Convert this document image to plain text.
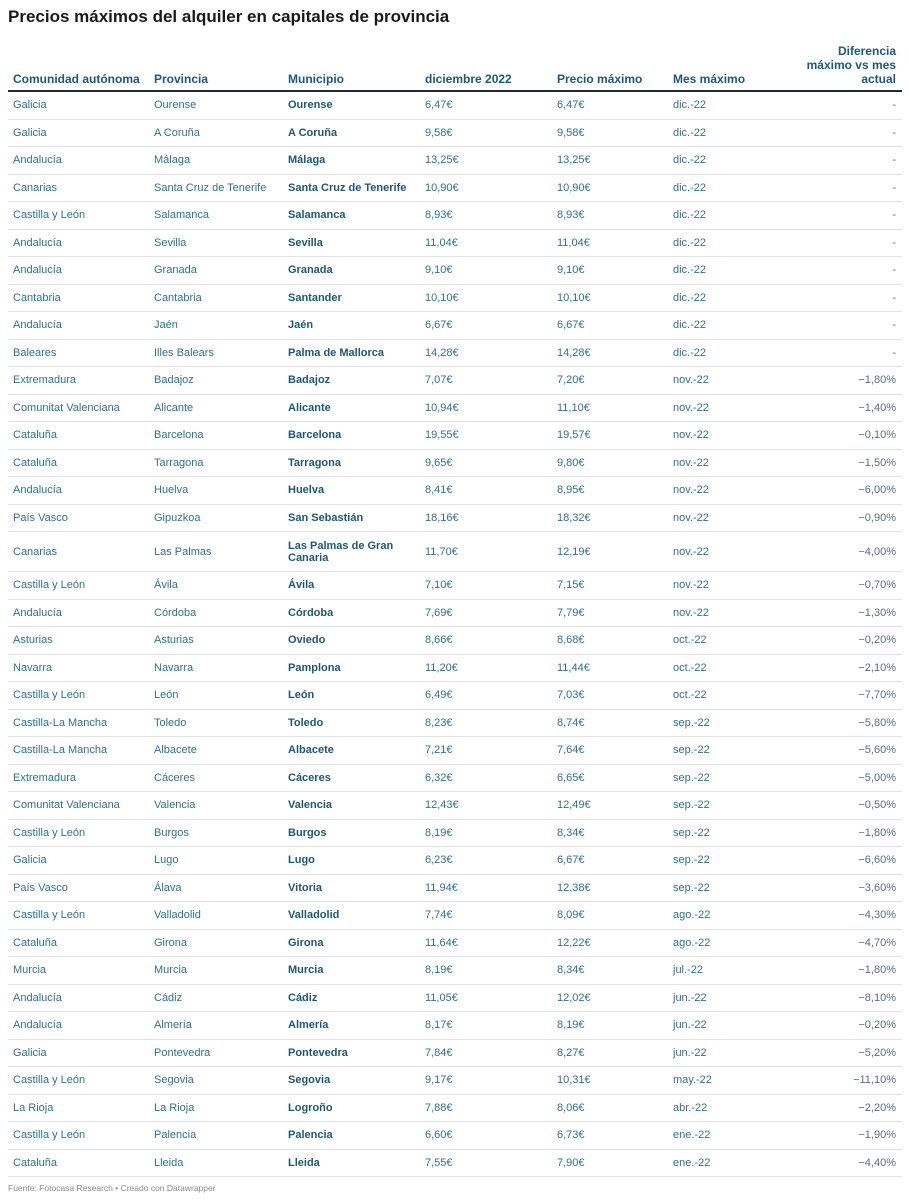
Precios máximos del alquiler en capitales de provincia
Comunidad autónoma	Provincia	Municipio	diciembre 2022	Precio máximo	Mes máximo	Diferencia máximo vs mes actual
Galicia	Ourense	Ourense	6,47€	6,47€	dic.-22	-
Galicia	A Coruña	A Coruña	9,58€	9,58€	dic.-22	-
Andalucía	Málaga	Málaga	13,25€	13,25€	dic.-22	-
Canarias	Santa Cruz de Tenerife	Santa Cruz de Tenerife	10,90€	10,90€	dic.-22	-
Castilla y León	Salamanca	Salamanca	8,93€	8,93€	dic.-22	-
Andalucía	Sevilla	Sevilla	11,04€	11,04€	dic.-22	-
Andalucía	Granada	Granada	9,10€	9,10€	dic.-22	-
Cantabria	Cantabria	Santander	10,10€	10,10€	dic.-22	-
Andalucía	Jaén	Jaén	6,67€	6,67€	dic.-22	-
Baleares	Illes Balears	Palma de Mallorca	14,28€	14,28€	dic.-22	-
Extremadura	Badajoz	Badajoz	7,07€	7,20€	nov.-22	−1,80%
Comunitat Valenciana	Alicante	Alicante	10,94€	11,10€	nov.-22	−1,40%
Cataluña	Barcelona	Barcelona	19,55€	19,57€	nov.-22	−0,10%
Cataluña	Tarragona	Tarragona	9,65€	9,80€	nov.-22	−1,50%
Andalucía	Huelva	Huelva	8,41€	8,95€	nov.-22	−6,00%
País Vasco	Gipuzkoa	San Sebastián	18,16€	18,32€	nov.-22	−0,90%
Canarias	Las Palmas	Las Palmas de Gran Canaria	11,70€	12,19€	nov.-22	−4,00%
Castilla y León	Ávila	Ávila	7,10€	7,15€	nov.-22	−0,70%
Andalucía	Córdoba	Córdoba	7,69€	7,79€	nov.-22	−1,30%
Asturias	Asturias	Oviedo	8,66€	8,68€	oct.-22	−0,20%
Navarra	Navarra	Pamplona	11,20€	11,44€	oct.-22	−2,10%
Castilla y León	León	León	6,49€	7,03€	oct.-22	−7,70%
Castilla-La Mancha	Toledo	Toledo	8,23€	8,74€	sep.-22	−5,80%
Castilla-La Mancha	Albacete	Albacete	7,21€	7,64€	sep.-22	−5,60%
Extremadura	Cáceres	Cáceres	6,32€	6,65€	sep.-22	−5,00%
Comunitat Valenciana	Valencia	Valencia	12,43€	12,49€	sep.-22	−0,50%
Castilla y León	Burgos	Burgos	8,19€	8,34€	sep.-22	−1,80%
Galicia	Lugo	Lugo	6,23€	6,67€	sep.-22	−6,60%
País Vasco	Álava	Vitoria	11,94€	12,38€	sep.-22	−3,60%
Castilla y León	Valladolid	Valladolid	7,74€	8,09€	ago.-22	−4,30%
Cataluña	Girona	Girona	11,64€	12,22€	ago.-22	−4,70%
Murcia	Murcia	Murcia	8,19€	8,34€	jul.-22	−1,80%
Andalucía	Cádiz	Cádiz	11,05€	12,02€	jun.-22	−8,10%
Andalucía	Almería	Almería	8,17€	8,19€	jun.-22	−0,20%
Galicia	Pontevedra	Pontevedra	7,84€	8,27€	jun.-22	−5,20%
Castilla y León	Segovia	Segovia	9,17€	10,31€	may.-22	−11,10%
La Rioja	La Rioja	Logroño	7,88€	8,06€	abr.-22	−2,20%
Castilla y León	Palencia	Palencia	6,60€	6,73€	ene.-22	−1,90%
Cataluña	Lleida	Lleida	7,55€	7,90€	ene.-22	−4,40%
Fuente: Fotocasa Research • Creado con Datawrapper
